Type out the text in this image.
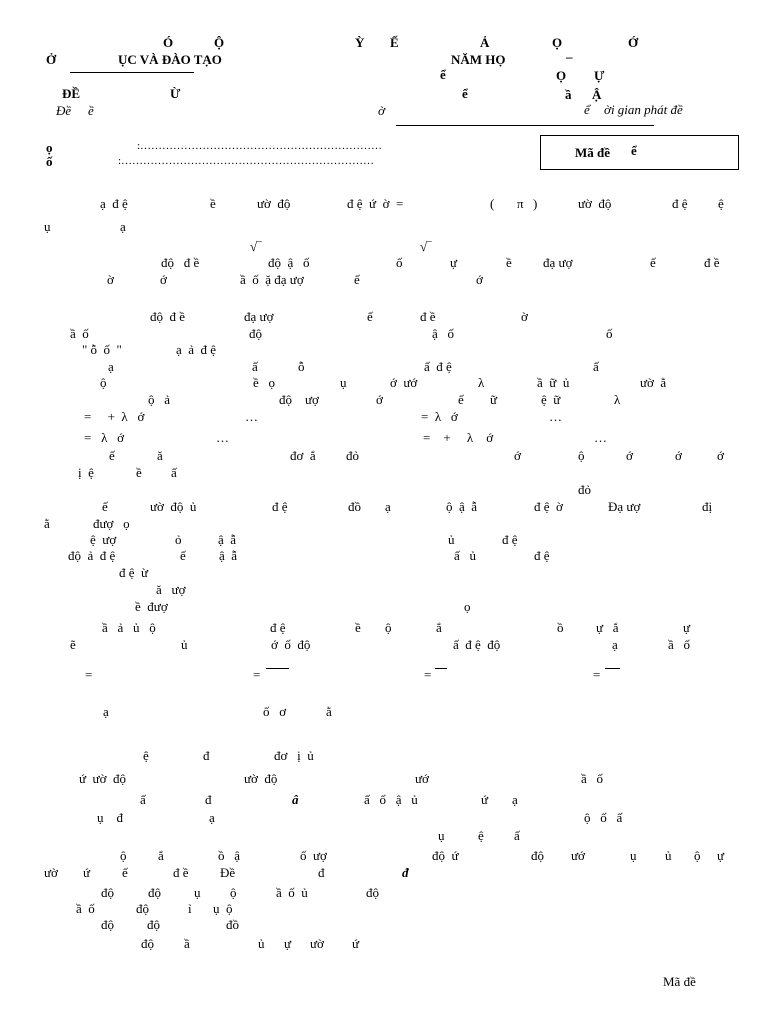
Ó	Ộ	Ỳ Ế	Ả	Ọ	Ớ
Ở	ỤC VÀ ĐÀO TẠO	NĂM HỌ	–
ể	Ọ Ự
ĐỀ	Ừ	ể	ầ Ậ
Đề ề	ờ	ể ời gian phát đề
ọ	:…………………………………………………………
ố	:……………………………………………………………
Mã đề ể
ạ  đ ệ	ề	ườ  độ	đ ệ  ứ  ờ  =	( π )	ườ  độ	đ ệ ệ
ụ	ạ
√‾	√‾
độ   đ ề	độ  ậ   ố	ố	ự	ề đạ ượ	ế	đ ề
ờ	ớ	ầ  ố  ặ đạ ượ	ế	ớ
độ  đ ề	đạ ượ	ế	đ ề	ờ
ầ  ố	độ	ậ   ố	ố
" ỗ  ố  "	ạ  ả  đ ệ
ạ	ấ	ỗ	ấ  đ ệ	ấ
ộ	ề   ọ	ụ	ớ  ướ	λ	ầ  ữ  ủ	ườ  ằ
ộ   ả	độ    ượ	ớ	ế ữ	ệ  ữ	λ
=     +  λ   ớ	…	=  λ   ớ	…
=   λ   ớ	…	=    +     λ    ớ	…
ế	ă	đơ  ắ đỏ	ớ	ộ	ớ	ớ	ớ
ị  ệ	ề ấ
đỏ
ế	ườ  độ  ủ	đ ệ	đồ ạ	ộ  ậ  ẫ	đ ệ  ờ	Đạ ượ	đị
ằ	đượ   ọ
ệ  ượ	ỏ	ậ  ẫ	ủ	đ ệ
độ  ả  đ ệ	ế	ậ  ẫ	ấ   ủ	đ ệ
đ ệ  ừ
ă   ượ
ề  đượ	ọ
ầ   ả   ủ   ộ	đ ệ	ề ộ	ắ	ồ	ự   ắ	ự
ẽ	ủ	ớ  ố  độ	ấ  đ ệ  độ	ạ	ầ   ố
=	=	=	=
ạ	ố   ơ	ằ
ệ	đ	đơ   ị  ủ
ứ  ườ  độ	ườ  độ	ướ	ầ   ố
ấ	đ	ấ   ố   ậ   ủ	ứ ạ
ụ    đ	ạ	ộ   ố   ấ
ụ	ệ ấ
ộ ắ	ồ   ậ	ố  ượ	độ  ứ	độ ướ	ụ ủ ộ ự
ườ ứ ế	đ ề Đề	đ
độ	độ	ụ ộ	ầ  ố  ủ	độ
ầ  ố	độ	ỉ ụ  ộ
độ	độ	đồ
độ ầ	ủ ự ườ ứ
â
đ
Mã đề
